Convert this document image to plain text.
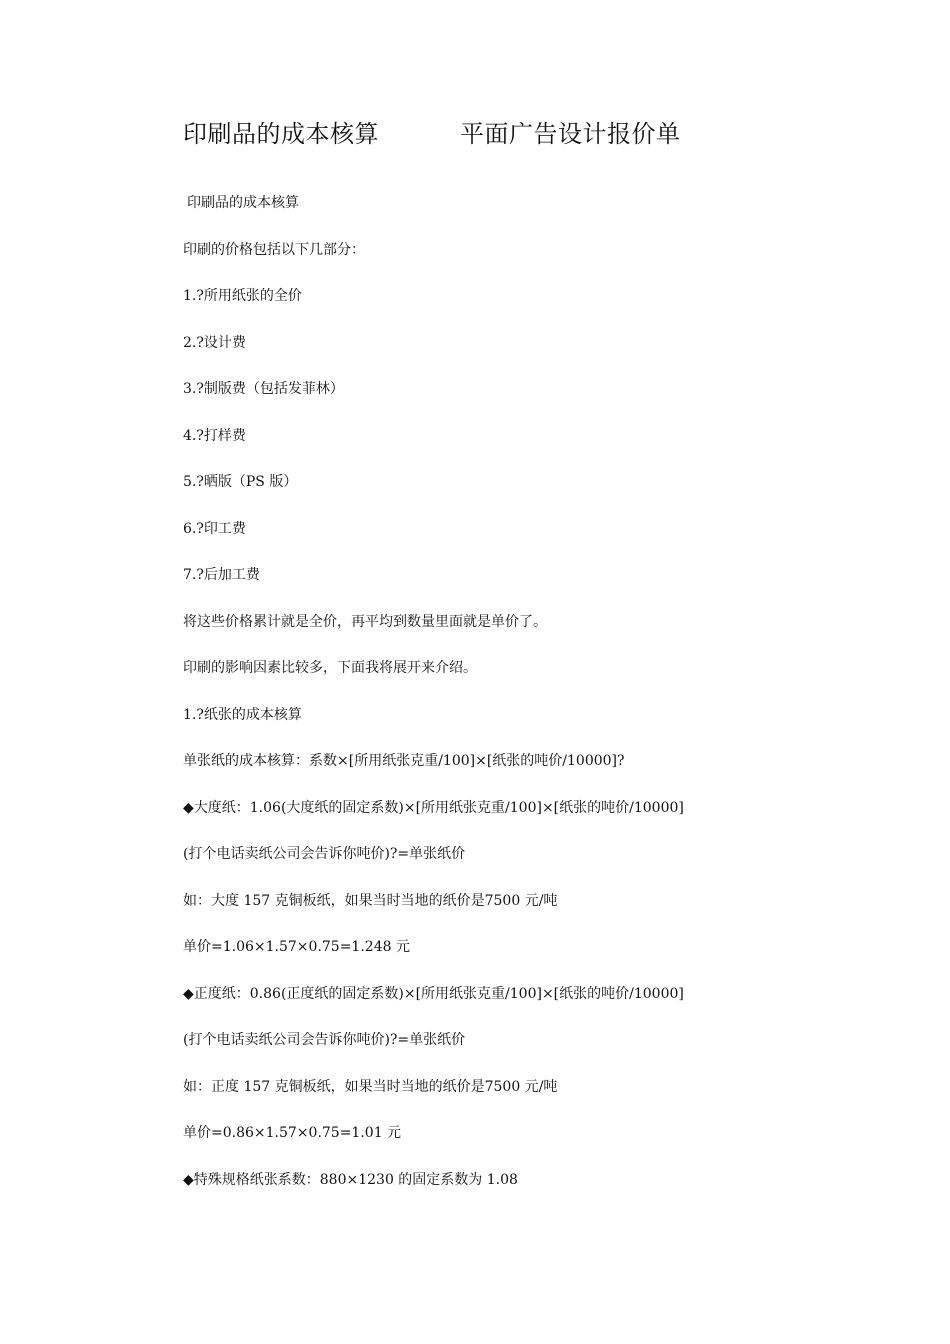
印刷品的成本核算	平面广告设计报价单
印刷品的成本核算
印刷的价格包括以下几部分：
1.?所用纸张的全价
2.?设计费
3.?制版费（包括发菲林）
4.?打样费
5.?晒版（PS 版）
6.?印工费
7.?后加工费
将这些价格累计就是全价，再平均到数量里面就是单价了。
印刷的影响因素比较多，下面我将展开来介绍。
1.?纸张的成本核算
单张纸的成本核算：系数×[所用纸张克重/100]×[纸张的吨价/10000]?
◆大度纸：1.06(大度纸的固定系数)×[所用纸张克重/100]×[纸张的吨价/10000]
(打个电话卖纸公司会告诉你吨价)?=单张纸价
如：大度 157 克铜板纸，如果当时当地的纸价是7500 元/吨
单价=1.06×1.57×0.75=1.248 元
◆正度纸：0.86(正度纸的固定系数)×[所用纸张克重/100]×[纸张的吨价/10000]
(打个电话卖纸公司会告诉你吨价)?=单张纸价
如：正度 157 克铜板纸，如果当时当地的纸价是7500 元/吨
单价=0.86×1.57×0.75=1.01 元
◆特殊规格纸张系数：880×1230 的固定系数为 1.08
